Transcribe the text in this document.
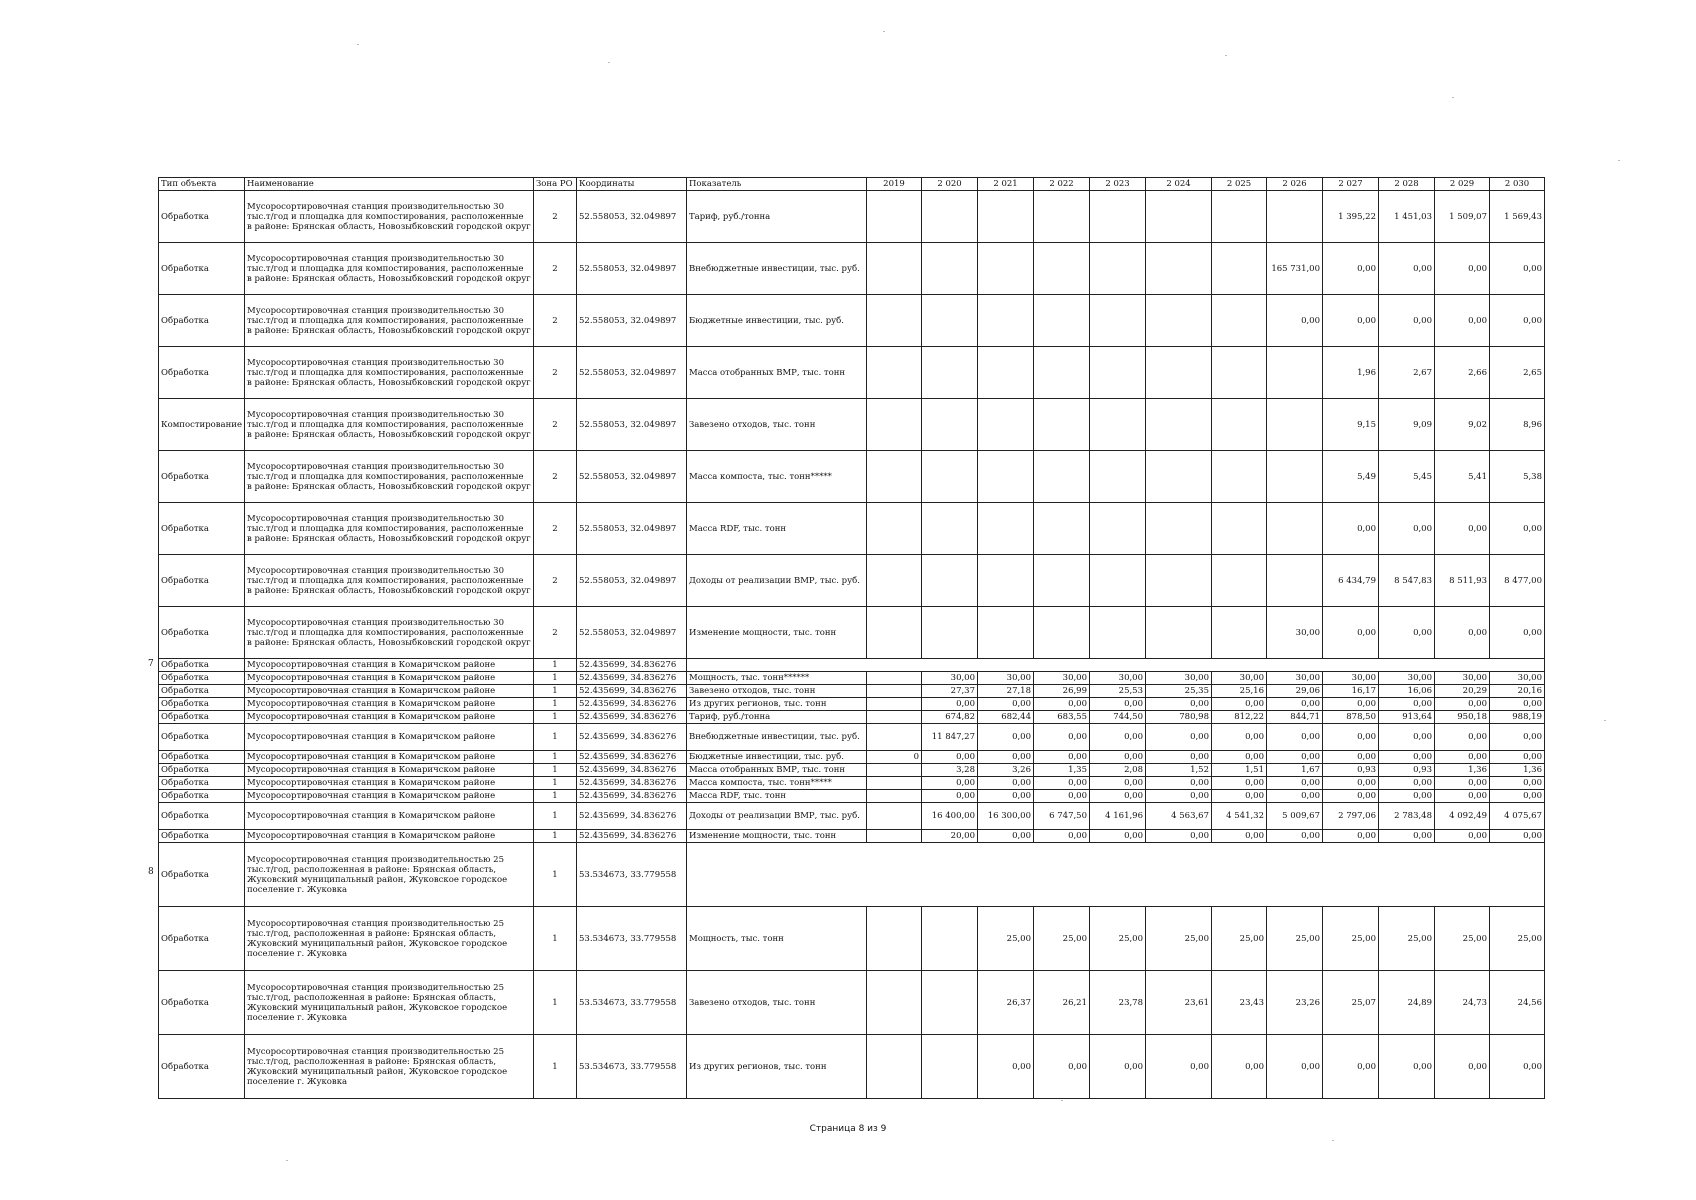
Тип объекта	Наименование	Зона РО	Координаты	Показатель	2019	2 020	2 021	2 022	2 023	2 024	2 025	2 026	2 027	2 028	2 029	2 030
Обработка	Мусоросортировочная станция производительностью 30 тыс.т/год и площадка для компостирования, расположенные в районе: Брянская область, Новозыбковский городской округ	2	52.558053, 32.049897	Тариф, руб./тонна									1 395,22	1 451,03	1 509,07	1 569,43
Обработка	Мусоросортировочная станция производительностью 30 тыс.т/год и площадка для компостирования, расположенные в районе: Брянская область, Новозыбковский городской округ	2	52.558053, 32.049897	Внебюджетные инвестиции, тыс. руб.								165 731,00	0,00	0,00	0,00	0,00
Обработка	Мусоросортировочная станция производительностью 30 тыс.т/год и площадка для компостирования, расположенные в районе: Брянская область, Новозыбковский городской округ	2	52.558053, 32.049897	Бюджетные инвестиции, тыс. руб.								0,00	0,00	0,00	0,00	0,00
Обработка	Мусоросортировочная станция производительностью 30 тыс.т/год и площадка для компостирования, расположенные в районе: Брянская область, Новозыбковский городской округ	2	52.558053, 32.049897	Масса отобранных ВМР, тыс. тонн									1,96	2,67	2,66	2,65
Компостирование	Мусоросортировочная станция производительностью 30 тыс.т/год и площадка для компостирования, расположенные в районе: Брянская область, Новозыбковский городской округ	2	52.558053, 32.049897	Завезено отходов, тыс. тонн									9,15	9,09	9,02	8,96
Обработка	Мусоросортировочная станция производительностью 30 тыс.т/год и площадка для компостирования, расположенные в районе: Брянская область, Новозыбковский городской округ	2	52.558053, 32.049897	Масса компоста, тыс. тонн*****									5,49	5,45	5,41	5,38
Обработка	Мусоросортировочная станция производительностью 30 тыс.т/год и площадка для компостирования, расположенные в районе: Брянская область, Новозыбковский городской округ	2	52.558053, 32.049897	Масса RDF, тыс. тонн									0,00	0,00	0,00	0,00
Обработка	Мусоросортировочная станция производительностью 30 тыс.т/год и площадка для компостирования, расположенные в районе: Брянская область, Новозыбковский городской округ	2	52.558053, 32.049897	Доходы от реализации ВМР, тыс. руб.									6 434,79	8 547,83	8 511,93	8 477,00
Обработка	Мусоросортировочная станция производительностью 30 тыс.т/год и площадка для компостирования, расположенные в районе: Брянская область, Новозыбковский городской округ	2	52.558053, 32.049897	Изменение мощности, тыс. тонн								30,00	0,00	0,00	0,00	0,00
Обработка	Мусоросортировочная станция в Комаричском районе	1	52.435699, 34.836276													
Обработка	Мусоросортировочная станция в Комаричском районе	1	52.435699, 34.836276	Мощность, тыс. тонн******		30,00	30,00	30,00	30,00	30,00	30,00	30,00	30,00	30,00	30,00	30,00
Обработка	Мусоросортировочная станция в Комаричском районе	1	52.435699, 34.836276	Завезено отходов, тыс. тонн		27,37	27,18	26,99	25,53	25,35	25,16	29,06	16,17	16,06	20,29	20,16
Обработка	Мусоросортировочная станция в Комаричском районе	1	52.435699, 34.836276	Из других регионов, тыс. тонн		0,00	0,00	0,00	0,00	0,00	0,00	0,00	0,00	0,00	0,00	0,00
Обработка	Мусоросортировочная станция в Комаричском районе	1	52.435699, 34.836276	Тариф, руб./тонна		674,82	682,44	683,55	744,50	780,98	812,22	844,71	878,50	913,64	950,18	988,19
Обработка	Мусоросортировочная станция в Комаричском районе	1	52.435699, 34.836276	Внебюджетные инвестиции, тыс. руб.		11 847,27	0,00	0,00	0,00	0,00	0,00	0,00	0,00	0,00	0,00	0,00
Обработка	Мусоросортировочная станция в Комаричском районе	1	52.435699, 34.836276	Бюджетные инвестиции, тыс. руб.	0	0,00	0,00	0,00	0,00	0,00	0,00	0,00	0,00	0,00	0,00	0,00
Обработка	Мусоросортировочная станция в Комаричском районе	1	52.435699, 34.836276	Масса отобранных ВМР, тыс. тонн		3,28	3,26	1,35	2,08	1,52	1,51	1,67	0,93	0,93	1,36	1,36
Обработка	Мусоросортировочная станция в Комаричском районе	1	52.435699, 34.836276	Масса компоста, тыс. тонн*****		0,00	0,00	0,00	0,00	0,00	0,00	0,00	0,00	0,00	0,00	0,00
Обработка	Мусоросортировочная станция в Комаричском районе	1	52.435699, 34.836276	Масса RDF, тыс. тонн		0,00	0,00	0,00	0,00	0,00	0,00	0,00	0,00	0,00	0,00	0,00
Обработка	Мусоросортировочная станция в Комаричском районе	1	52.435699, 34.836276	Доходы от реализации ВМР, тыс. руб.		16 400,00	16 300,00	6 747,50	4 161,96	4 563,67	4 541,32	5 009,67	2 797,06	2 783,48	4 092,49	4 075,67
Обработка	Мусоросортировочная станция в Комаричском районе	1	52.435699, 34.836276	Изменение мощности, тыс. тонн		20,00	0,00	0,00	0,00	0,00	0,00	0,00	0,00	0,00	0,00	0,00
Обработка	Мусоросортировочная станция производительностью 25 тыс.т/год, расположенная в районе: Брянская область, Жуковский муниципальный район, Жуковское городское поселение г. Жуковка	1	53.534673, 33.779558													
Обработка	Мусоросортировочная станция производительностью 25 тыс.т/год, расположенная в районе: Брянская область, Жуковский муниципальный район, Жуковское городское поселение г. Жуковка	1	53.534673, 33.779558	Мощность, тыс. тонн			25,00	25,00	25,00	25,00	25,00	25,00	25,00	25,00	25,00	25,00
Обработка	Мусоросортировочная станция производительностью 25 тыс.т/год, расположенная в районе: Брянская область, Жуковский муниципальный район, Жуковское городское поселение г. Жуковка	1	53.534673, 33.779558	Завезено отходов, тыс. тонн			26,37	26,21	23,78	23,61	23,43	23,26	25,07	24,89	24,73	24,56
Обработка	Мусоросортировочная станция производительностью 25 тыс.т/год, расположенная в районе: Брянская область, Жуковский муниципальный район, Жуковское городское поселение г. Жуковка	1	53.534673, 33.779558	Из других регионов, тыс. тонн			0,00	0,00	0,00	0,00	0,00	0,00	0,00	0,00	0,00	0,00
7
8
Страница 8 из 9
